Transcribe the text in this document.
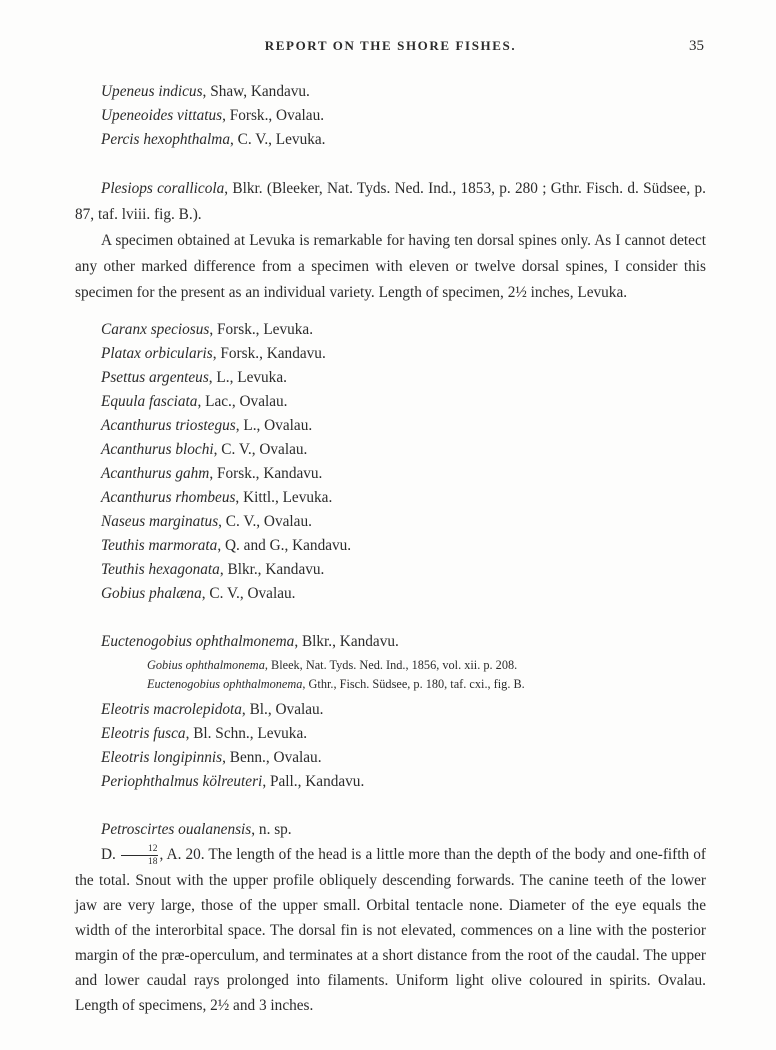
REPORT ON THE SHORE FISHES.	35

Upeneus indicus, Shaw, Kandavu.

Upeneoides vittatus, Forsk., Ovalau.

Percis hexophthalma, C. V., Levuka.

Plesiops corallicola, Blkr. (Bleeker, Nat. Tyds. Ned. Ind., 1853, p. 280 ; Gthr. Fisch. d. Südsee, p. 87, taf. lviii. fig. B.).

A specimen obtained at Levuka is remarkable for having ten dorsal spines only. As I cannot detect any other marked difference from a specimen with eleven or twelve dorsal spines, I consider this specimen for the present as an individual variety. Length of specimen, 2½ inches, Levuka.

Caranx speciosus, Forsk., Levuka.

Platax orbicularis, Forsk., Kandavu.

Psettus argenteus, L., Levuka.

Equula fasciata, Lac., Ovalau.

Acanthurus triostegus, L., Ovalau.

Acanthurus blochi, C. V., Ovalau.

Acanthurus gahm, Forsk., Kandavu.

Acanthurus rhombeus, Kittl., Levuka.

Naseus marginatus, C. V., Ovalau.

Teuthis marmorata, Q. and G., Kandavu.

Teuthis hexagonata, Blkr., Kandavu.

Gobius phalæna, C. V., Ovalau.

Euctenogobius ophthalmonema, Blkr., Kandavu.

Gobius ophthalmonema, Bleek, Nat. Tyds. Ned. Ind., 1856, vol. xii. p. 208.

Euctenogobius ophthalmonema, Gthr., Fisch. Südsee, p. 180, taf. cxi., fig. B.

Eleotris macrolepidota, Bl., Ovalau.

Eleotris fusca, Bl. Schn., Levuka.

Eleotris longipinnis, Benn., Ovalau.

Periophthalmus kölreuteri, Pall., Kandavu.

Petroscirtes oualanensis, n. sp.

D. $\frac{12}{18}$ , A. 20. The length of the head is a little more than the depth of the body and one-fifth of the total. Snout with the upper profile obliquely descending forwards. The canine teeth of the lower jaw are very large, those of the upper small. Orbital tentacle none. Diameter of the eye equals the width of the interorbital space. The dorsal fin is not elevated, commences on a line with the posterior margin of the præ-operculum, and terminates at a short distance from the root of the caudal. The upper and lower caudal rays prolonged into filaments. Uniform light olive coloured in spirits. Ovalau. Length of specimens, 2½ and 3 inches.
